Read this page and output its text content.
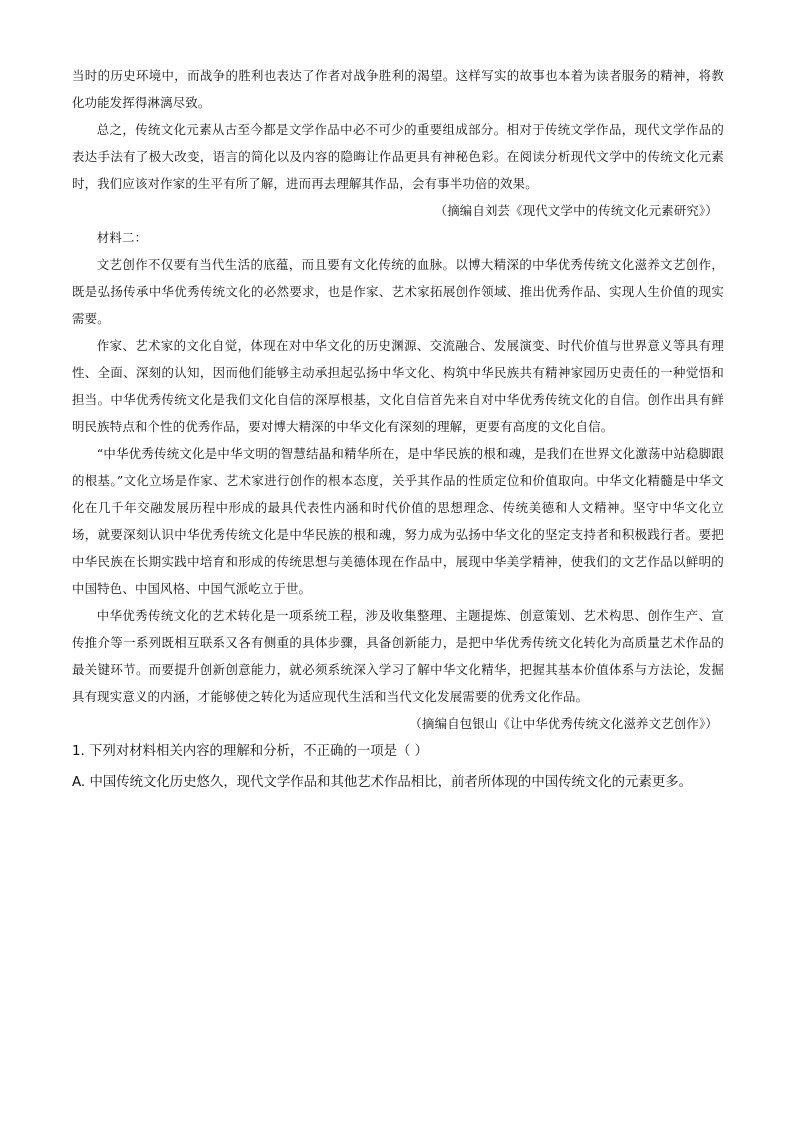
当时的历史环境中，而战争的胜利也表达了作者对战争胜利的渴望。这样写实的故事也本着为读者服务的精神，将教化功能发挥得淋漓尽致。

总之，传统文化元素从古至今都是文学作品中必不可少的重要组成部分。相对于传统文学作品，现代文学作品的表达手法有了极大改变，语言的简化以及内容的隐晦让作品更具有神秘色彩。在阅读分析现代文学中的传统文化元素时，我们应该对作家的生平有所了解，进而再去理解其作品，会有事半功倍的效果。

（摘编自刘芸《现代文学中的传统文化元素研究》）

材料二：

文艺创作不仅要有当代生活的底蕴，而且要有文化传统的血脉。以博大精深的中华优秀传统文化滋养文艺创作，既是弘扬传承中华优秀传统文化的必然要求，也是作家、艺术家拓展创作领域、推出优秀作品、实现人生价值的现实需要。

作家、艺术家的文化自觉，体现在对中华文化的历史渊源、交流融合、发展演变、时代价值与世界意义等具有理性、全面、深刻的认知，因而他们能够主动承担起弘扬中华文化、构筑中华民族共有精神家园历史责任的一种觉悟和担当。中华优秀传统文化是我们文化自信的深厚根基，文化自信首先来自对中华优秀传统文化的自信。创作出具有鲜明民族特点和个性的优秀作品，要对博大精深的中华文化有深刻的理解，更要有高度的文化自信。

“中华优秀传统文化是中华文明的智慧结晶和精华所在，是中华民族的根和魂，是我们在世界文化激荡中站稳脚跟的根基。”文化立场是作家、艺术家进行创作的根本态度，关乎其作品的性质定位和价值取向。中华文化精髓是中华文化在几千年交融发展历程中形成的最具代表性内涵和时代价值的思想理念、传统美德和人文精神。坚守中华文化立场，就要深刻认识中华优秀传统文化是中华民族的根和魂，努力成为弘扬中华文化的坚定支持者和积极践行者。要把中华民族在长期实践中培育和形成的传统思想与美德体现在作品中，展现中华美学精神，使我们的文艺作品以鲜明的中国特色、中国风格、中国气派屹立于世。

中华优秀传统文化的艺术转化是一项系统工程，涉及收集整理、主题提炼、创意策划、艺术构思、创作生产、宣传推介等一系列既相互联系又各有侧重的具体步骤，具备创新能力，是把中华优秀传统文化转化为高质量艺术作品的最关键环节。而要提升创新创意能力，就必须系统深入学习了解中华文化精华，把握其基本价值体系与方法论，发掘具有现实意义的内涵，才能够使之转化为适应现代生活和当代文化发展需要的优秀文化作品。

（摘编自包银山《让中华优秀传统文化滋养文艺创作》）

1. 下列对材料相关内容的理解和分析，不正确的一项是（ ）

A. 中国传统文化历史悠久，现代文学作品和其他艺术作品相比，前者所体现的中国传统文化的元素更多。
